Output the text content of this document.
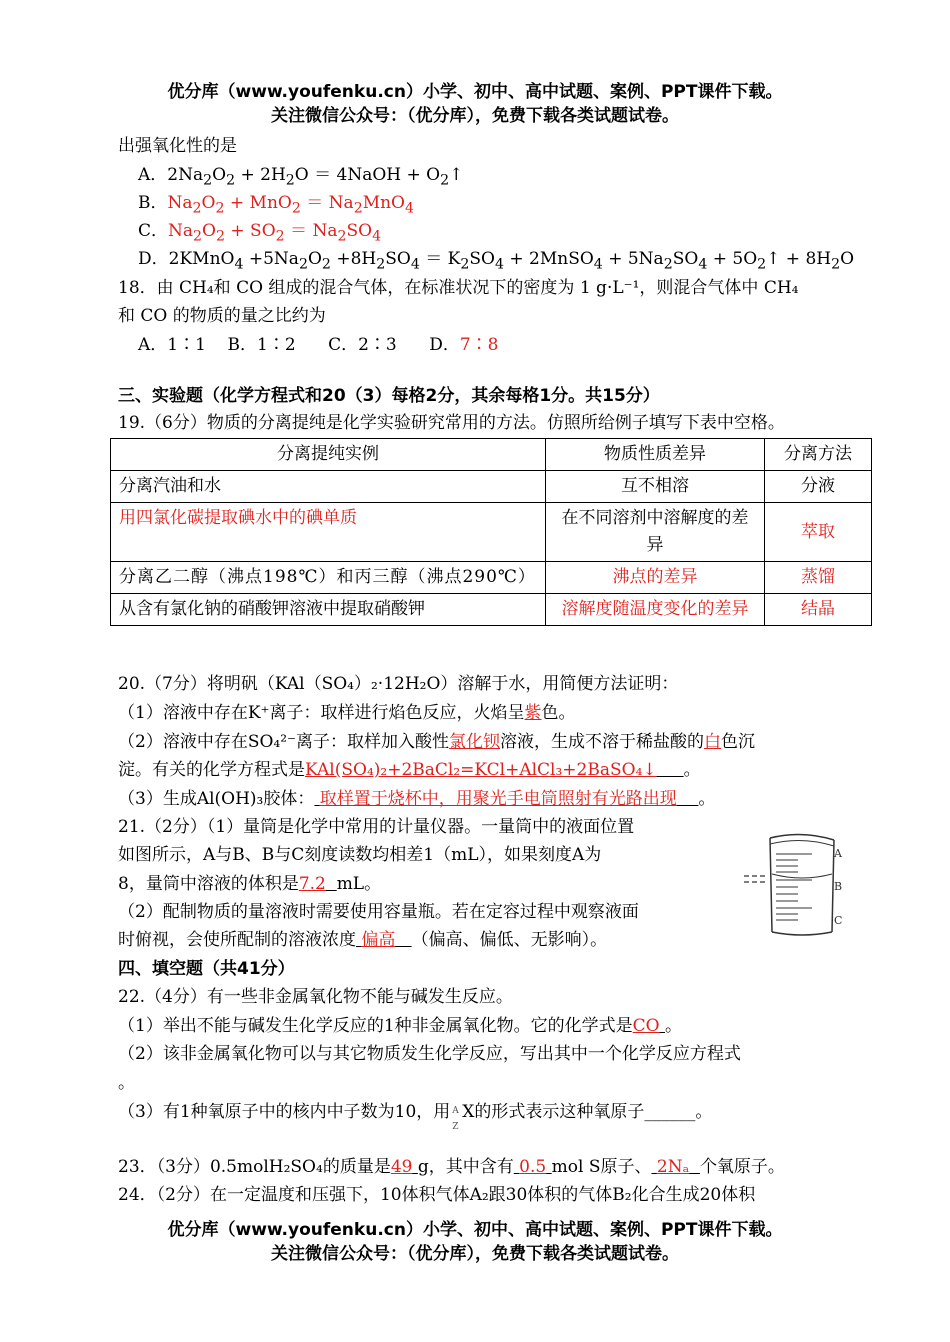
优分库（www.youfenku.cn）小学、初中、高中试题、案例、PPT课件下载。
关注微信公众号：（优分库），免费下载各类试题试卷。
出强氧化性的是
A．$2Na_2O_2 + 2H_2O$ ＝ 4NaOH + $O_2↑$
B．$Na_2O_2 + MnO_2 = Na_2MnO_4$
C．$Na_2O_2 + SO_2 = Na_2SO_4$
D．2KMnO$_4$ $+5Na_2O_2 +8H_2SO_4 = K_2SO_4$ + 2MnSO$_4$ + $5Na_2SO_4$ + $5O_2↑ + 8H_2O$
18．由 CH₄和 CO 组成的混合气体，在标准状况下的密度为 1 g·L⁻¹，则混合气体中 CH₄
和 CO 的物质的量之比约为
A．1∶1 B．1∶2 C．2∶3 D．7∶8
三、实验题（化学方程式和20（3）每格2分，其余每格1分。共15分）
19.（6分）物质的分离提纯是化学实验研究常用的方法。仿照所给例子填写下表中空格。
分离提纯实例	物质性质差异	分离方法
分离汽油和水	互不相溶	分液
用四氯化碳提取碘水中的碘单质	在不同溶剂中溶解度的差异	萃取
分离乙二醇（沸点198℃）和丙三醇（沸点290℃）	沸点的差异	蒸馏
从含有氯化钠的硝酸钾溶液中提取硝酸钾	溶解度随温度变化的差异	结晶
20.（7分）将明矾（KAl（SO₄）₂·12H₂O）溶解于水，用简便方法证明：
（1）溶液中存在K⁺离子：取样进行焰色反应，火焰呈紫色。
（2）溶液中存在SO₄²⁻离子：取样加入酸性氯化钡溶液，生成不溶于稀盐酸的白色沉
淀。有关的化学方程式是KAl(SO₄)₂+2BaCl₂=KCl+AlCl₃+2BaSO₄↓ 。
（3）生成Al(OH)₃胶体： 取样置于烧杯中，用聚光手电筒照射有光路出现 。
21.（2分）（1）量筒是化学中常用的计量仪器。一量筒中的液面位置
如图所示，A与B、B与C刻度读数均相差1（mL），如果刻度A为
8，量筒中溶液的体积是7.2 mL。
（2）配制物质的量溶液时需要使用容量瓶。若在定容过程中观察液面
时俯视，会使所配制的溶液浓度 偏高 （偏高、偏低、无影响）。
A
B
C
四、填空题（共41分）
22.（4分）有一些非金属氧化物不能与碱发生反应。
（1）举出不能与碱发生化学反应的1种非金属氧化物。它的化学式是CO 。
（2）该非金属氧化物可以与其它物质发生化学反应，写出其中一个化学反应方程式
。
（3）有1种氧原子中的核内中子数为10，用 A
Z
X的形式表示这种氧原子______。
23．（3分）0.5molH₂SO₄的质量是49 g，其中含有 0.5 mol S原子、 2Nₐ 个氧原子。
24．（2分）在一定温度和压强下，10体积气体A₂跟30体积的气体B₂化合生成20体积
优分库（www.youfenku.cn）小学、初中、高中试题、案例、PPT课件下载。
关注微信公众号：（优分库），免费下载各类试题试卷。
